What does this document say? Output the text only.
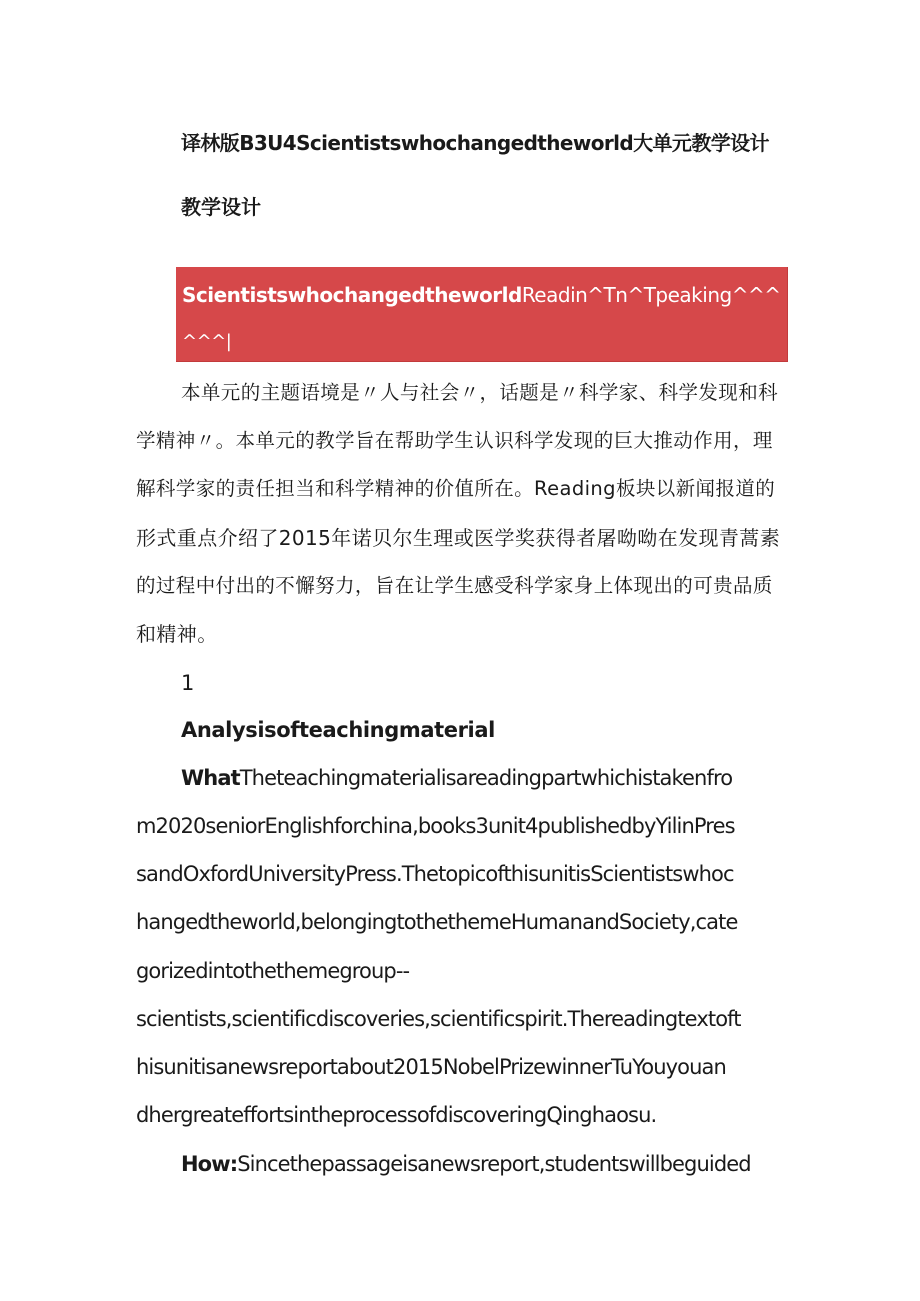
译林版B3U4Scientistswhochangedtheworld大单元教学设计
教学设计
ScientistswhochangedtheworldReadin^Tn^Tpeaking^^^
^^^|
本单元的主题语境是〃人与社会〃，话题是〃科学家、科学发现和科
学精神〃。本单元的教学旨在帮助学生认识科学发现的巨大推动作用，理
解科学家的责任担当和科学精神的价值所在。Reading板块以新闻报道的
形式重点介绍了2015年诺贝尔生理或医学奖获得者屠呦呦在发现青蒿素
的过程中付出的不懈努力，旨在让学生感受科学家身上体现出的可贵品质
和精神。
1
Analysisofteachingmaterial
WhatTheteachingmaterialisareadingpartwhichistakenfro
m2020seniorEnglishforchina,books3unit4publishedbyYilinPres
sandOxfordUniversityPress.ThetopicofthisunitisScientistswhoc
hangedtheworld,belongingtothethemeHumanandSociety,cate
gorizedintothethemegroup--
scientists,scientificdiscoveries,scientificspirit.Thereadingtextoft
hisunitisanewsreportabout2015NobelPrizewinnerTuYouyouan
dhergreateffortsintheprocessofdiscoveringQinghaosu.
How:Sincethepassageisanewsreport,studentswillbeguided
